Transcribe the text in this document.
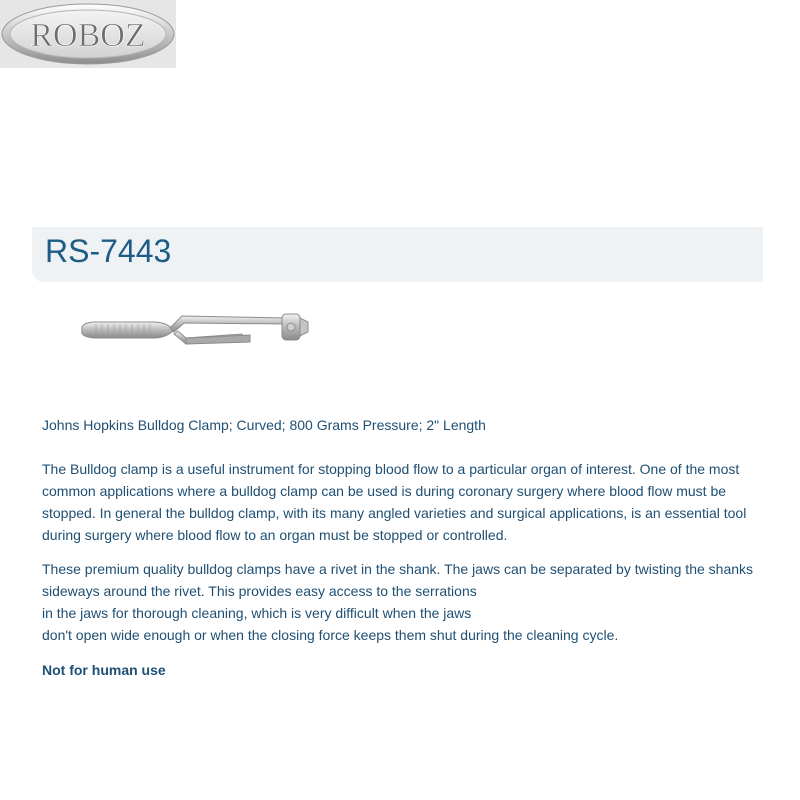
ROBOZ
RS-7443

Johns Hopkins Bulldog Clamp; Curved; 800 Grams Pressure; 2" Length

The Bulldog clamp is a useful instrument for stopping blood flow to a particular organ of interest. One of the most common applications where a bulldog clamp can be used is during coronary surgery where blood flow must be stopped. In general the bulldog clamp, with its many angled varieties and surgical applications, is an essential tool during surgery where blood flow to an organ must be stopped or controlled.

These premium quality bulldog clamps have a rivet in the shank. The jaws can be separated by twisting the shanks
sideways around the rivet. This provides easy access to the serrations
in the jaws for thorough cleaning, which is very difficult when the jaws
don't open wide enough or when the closing force keeps them shut during the cleaning cycle.

Not for human use
